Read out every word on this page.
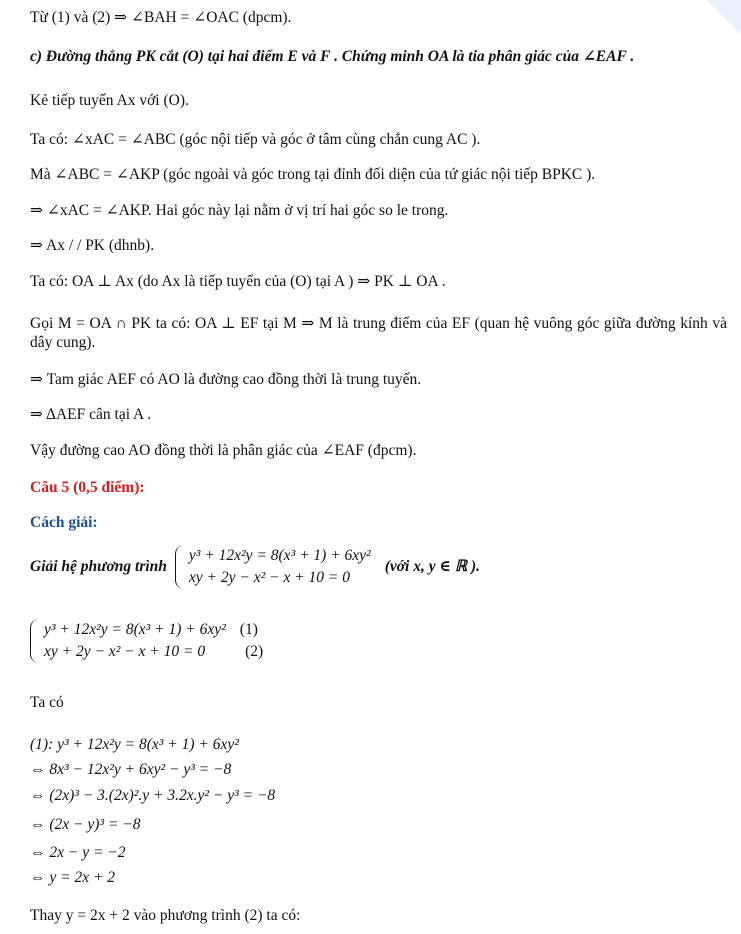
Từ (1) và (2) ⇒ ∠BAH = ∠OAC (dpcm).
c) Đường thẳng PK cắt (O) tại hai điểm E và F . Chứng minh OA là tia phân giác của ∠EAF .
Kẻ tiếp tuyến Ax với (O).
Ta có: ∠xAC = ∠ABC (góc nội tiếp và góc ở tâm cùng chắn cung AC ).
Mà ∠ABC = ∠AKP (góc ngoài và góc trong tại đỉnh đối diện của tứ giác nội tiếp BPKC ).
⇒ ∠xAC = ∠AKP. Hai góc này lại nằm ở vị trí hai góc so le trong.
⇒ Ax / / PK (dhnb).
Ta có: OA ⊥ Ax (do Ax là tiếp tuyến của (O) tại A ) ⇒ PK ⊥ OA .
Gọi M = OA ∩ PK ta có: OA ⊥ EF tại M ⇒ M là trung điểm của EF (quan hệ vuông góc giữa đường kính và dây cung).
⇒ Tam giác AEF có AO là đường cao đồng thời là trung tuyến.
⇒ ΔAEF cân tại A .
Vậy đường cao AO đồng thời là phân giác của ∠EAF (đpcm).
Câu 5 (0,5 điểm):
Cách giải:
Giải hệ phương trình
y³ + 12x²y = 8(x³ + 1) + 6xy²
xy + 2y − x² − x + 10 = 0
(với x, y ∈ ℝ ).
y³ + 12x²y = 8(x³ + 1) + 6xy² (1)
xy + 2y − x² − x + 10 = 0	(2)
Ta có
(1): y³ + 12x²y = 8(x³ + 1) + 6xy²
⇔ 8x³ − 12x²y + 6xy² − y³ = −8
⇔ (2x)³ − 3.(2x)².y + 3.2x.y² − y³ = −8
⇔ (2x − y)³ = −8
⇔ 2x − y = −2
⇔ y = 2x + 2
Thay y = 2x + 2 vào phương trình (2) ta có:
